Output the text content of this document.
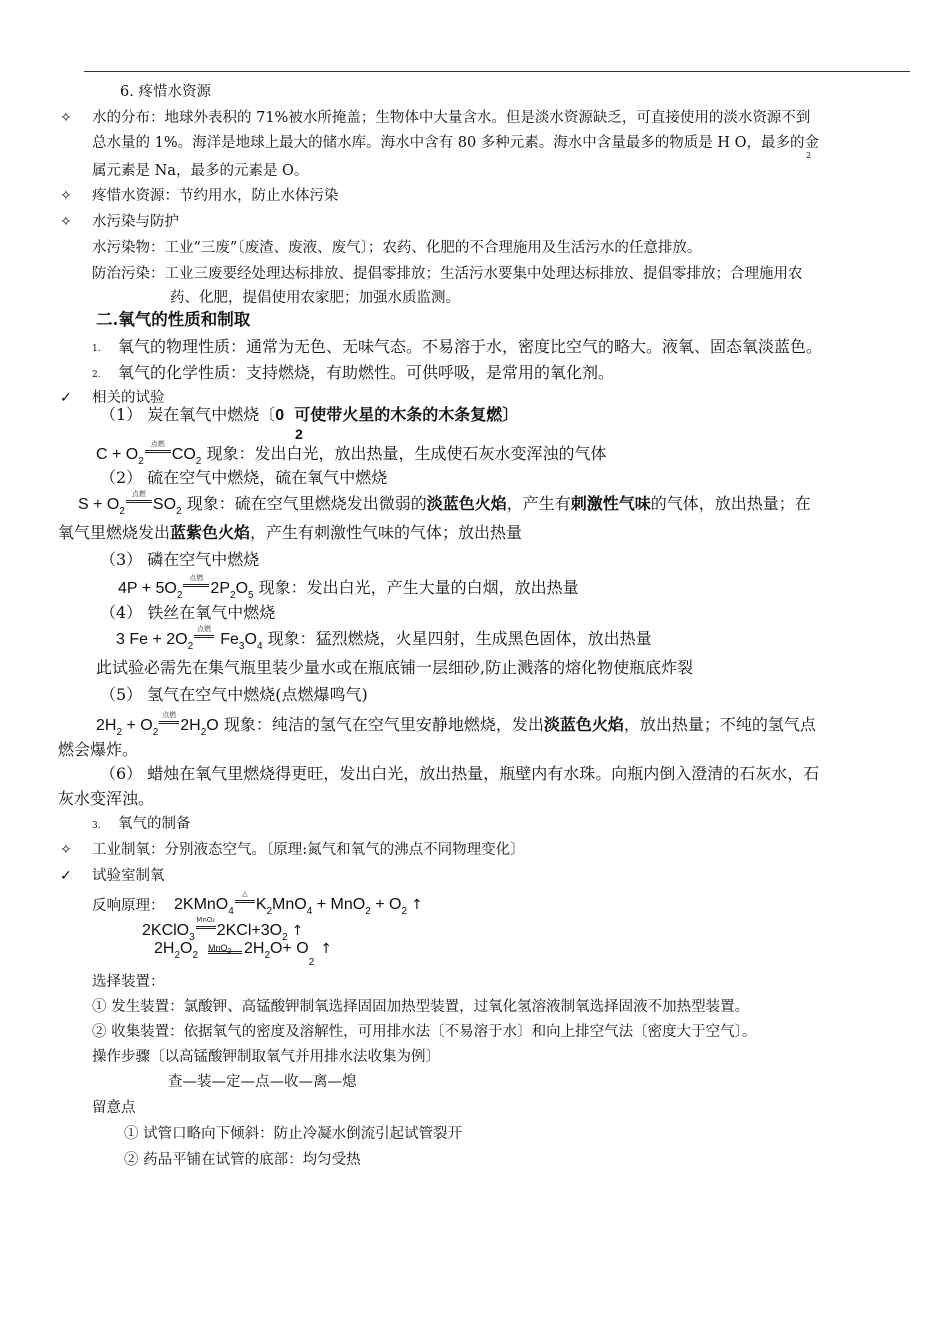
6. 疼惜水资源
✧ 水的分布：地球外表积的 71%被水所掩盖；生物体中大量含水。但是淡水资源缺乏，可直接使用的淡水资源不到
总水量的 1%。海洋是地球上最大的储水库。海水中含有 80 多种元素。海水中含量最多的物质是 H O，最多的金
2
属元素是 Na，最多的元素是 O。
✧ 疼惜水资源：节约用水，防止水体污染
✧ 水污染与防护
水污染物：工业“三废”〔废渣、废液、废气〕；农药、化肥的不合理施用及生活污水的任意排放。
防治污染：工业三废要经处理达标排放、提倡零排放；生活污水要集中处理达标排放、提倡零排放；合理施用农
药、化肥，提倡使用农家肥；加强水质监测。
二.氧气的性质和制取
1. 氧气的物理性质：通常为无色、无味气态。不易溶于水，密度比空气的略大。液氧、固态氧淡蓝色。
2. 氧气的化学性质：支持燃烧，有助燃性。可供呼吸，是常用的氧化剂。
✓ 相关的试验
（1） 炭在氧气中燃烧〔0 可使带火星的木条的木条复燃〕
2
$C + O_2$
点燃
$CO_2$ 现象：发出白光，放出热量，生成使石灰水变浑浊的气体
（2） 硫在空气中燃烧，硫在氧气中燃烧
$S + O_2$
点燃
$SO_2$ 现象：硫在空气里燃烧发出微弱的淡蓝色火焰，产生有刺激性气味的气体，放出热量；在
氧气里燃烧发出蓝紫色火焰，产生有刺激性气味的气体；放出热量
（3） 磷在空气中燃烧
$4P + 5O_2$
点燃
$2P_2O_5$ 现象：发出白光，产生大量的白烟，放出热量
（4） 铁丝在氧气中燃烧
3 $Fe + 2O_2$
点燃
$Fe_3O_4$ 现象：猛烈燃烧，火星四射，生成黑色固体，放出热量
此试验必需先在集气瓶里装少量水或在瓶底铺一层细砂,防止溅落的熔化物使瓶底炸裂
（5） 氢气在空气中燃烧(点燃爆鸣气)
$2H_2 + O_2$
点燃
$2H_2O$ 现象：纯洁的氢气在空气里安静地燃烧，发出淡蓝色火焰，放出热量；不纯的氢气点
燃会爆炸。
（6） 蜡烛在氧气里燃烧得更旺，发出白光，放出热量，瓶壁内有水珠。向瓶内倒入澄清的石灰水，石
灰水变浑浊。
3. 氧气的制备
✧ 工业制氧：分别液态空气。〔原理:氮气和氧气的沸点不同物理变化〕
✓ 试验室制氧
反响原理： 2KMnO$_4$
△
$K_2MnO_4 + MnO_2 + O_2$ ↑
2KClO$_3$
MnO₂
$2KCl+3O_2$ ↑
$2H_2O_2MnO_2$ $2H_2O+$ $O_2↑$
选择装置：
① 发生装置：氯酸钾、高锰酸钾制氧选择固固加热型装置，过氧化氢溶液制氧选择固液不加热型装置。
② 收集装置：依据氧气的密度及溶解性，可用排水法〔不易溶于水〕和向上排空气法〔密度大于空气〕。
操作步骤〔以高锰酸钾制取氧气并用排水法收集为例〕
查—装—定—点—收—离—熄
留意点
① 试管口略向下倾斜：防止冷凝水倒流引起试管裂开
② 药品平铺在试管的底部：均匀受热
